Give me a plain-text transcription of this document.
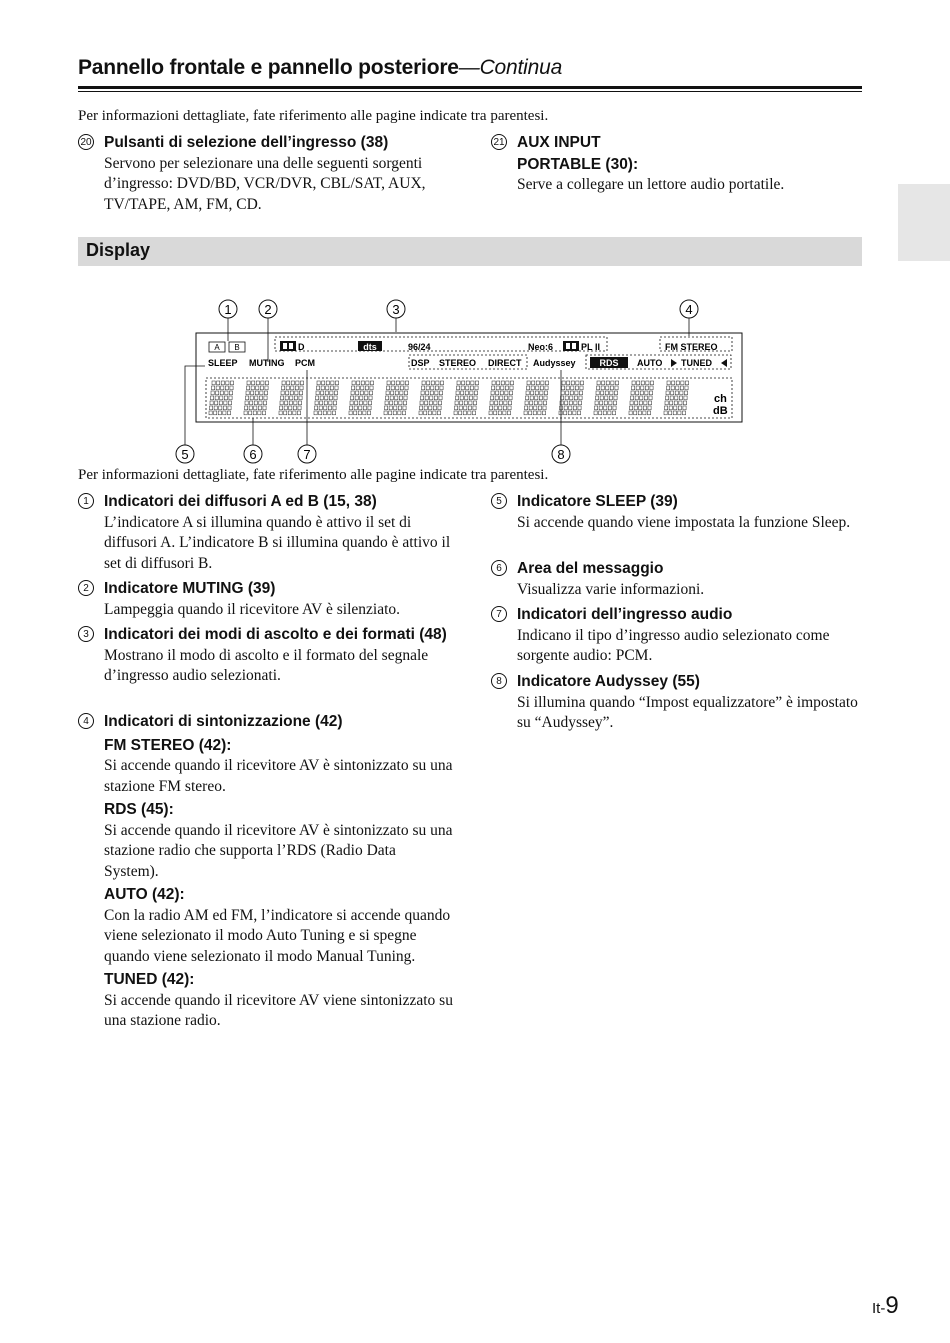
Pannello frontale e pannello posteriore—Continua
Per informazioni dettagliate, fate riferimento alle pagine indicate tra parentesi.
20 Pulsanti di selezione dell’ingresso (38)
Servono per selezionare una delle seguenti sorgenti d’ingresso: DVD/BD, VCR/DVR, CBL/SAT, AUX, TV/TAPE, AM, FM, CD.
21 AUX INPUT
PORTABLE (30):
Serve a collegare un lettore audio portatile.
Display
1	2	3	4
5	6	7	8
A B	D	dts	96/24	Neo:6	PL II	FM STEREO
SLEEP MUTING PCM	DSP STEREO DIRECT Audyssey	RDS AUTO TUNED
ch
dB
Per informazioni dettagliate, fate riferimento alle pagine indicate tra parentesi.
1 Indicatori dei diffusori A ed B (15, 38)
L’indicatore A si illumina quando è attivo il set di diffusori A. L’indicatore B si illumina quando è attivo il set di diffusori B.
2 Indicatore MUTING (39)
Lampeggia quando il ricevitore AV è silenziato.
3 Indicatori dei modi di ascolto e dei formati (48)
Mostrano il modo di ascolto e il formato del segnale d’ingresso audio selezionati.
4 Indicatori di sintonizzazione (42)
FM STEREO (42):
Si accende quando il ricevitore AV è sintonizzato su una stazione FM stereo.
RDS (45):
Si accende quando il ricevitore AV è sintonizzato su una stazione radio che supporta l’RDS (Radio Data System).
AUTO (42):
Con la radio AM ed FM, l’indicatore si accende quando viene selezionato il modo Auto Tuning e si spegne quando viene selezionato il modo Manual Tuning.
TUNED (42):
Si accende quando il ricevitore AV viene sintonizzato su una stazione radio.
5 Indicatore SLEEP (39)
Si accende quando viene impostata la funzione Sleep.
6 Area del messaggio
Visualizza varie informazioni.
7 Indicatori dell’ingresso audio
Indicano il tipo d’ingresso audio selezionato come sorgente audio: PCM.
8 Indicatore Audyssey (55)
Si illumina quando “Impost equalizzatore” è impostato su “Audyssey”.
It-9
